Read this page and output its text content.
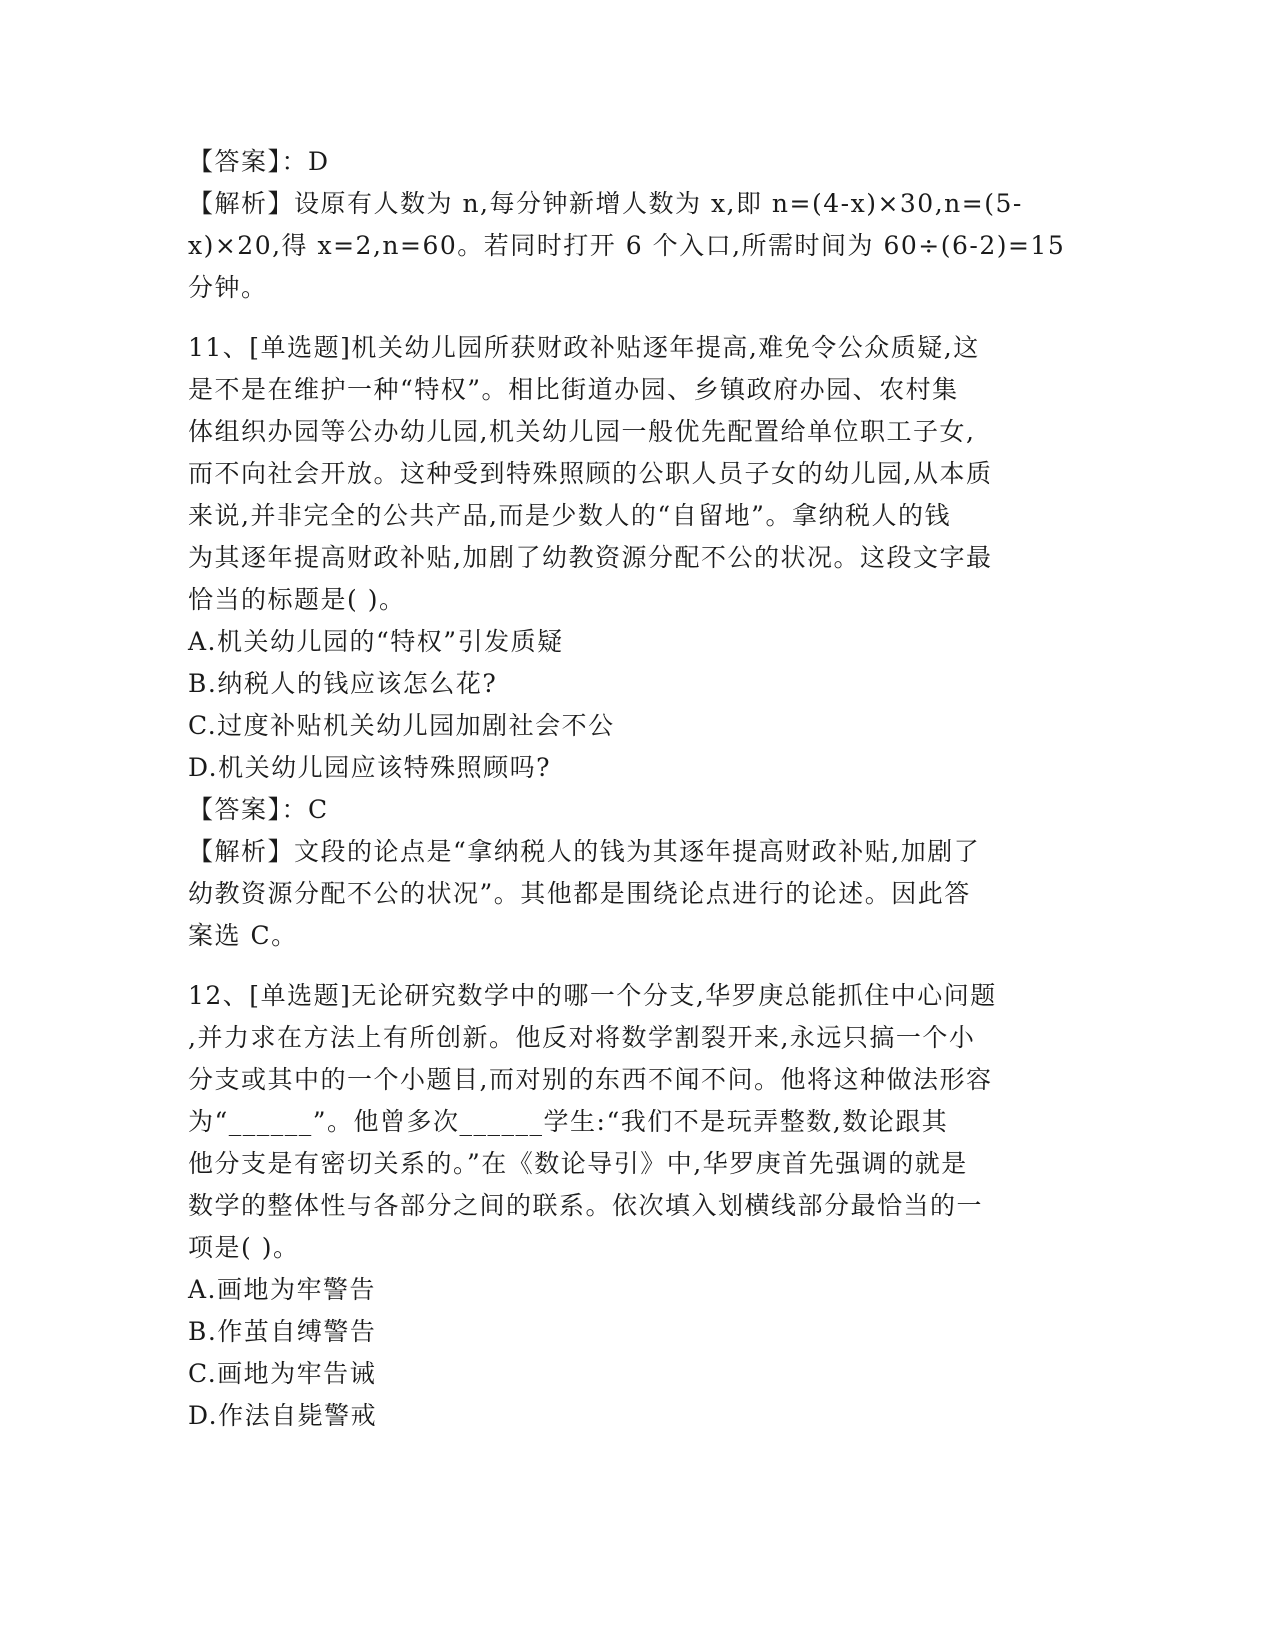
【答案】：D
【解析】设原有人数为 n,每分钟新增人数为 x,即 n=(4-x)×30,n=(5-
x)×20,得 x=2,n=60。若同时打开 6 个入口,所需时间为 60÷(6-2)=15
分钟。
11、[单选题]机关幼儿园所获财政补贴逐年提高,难免令公众质疑,这
是不是在维护一种“特权”。相比街道办园、乡镇政府办园、农村集
体组织办园等公办幼儿园,机关幼儿园一般优先配置给单位职工子女,
而不向社会开放。这种受到特殊照顾的公职人员子女的幼儿园,从本质
来说,并非完全的公共产品,而是少数人的“自留地”。拿纳税人的钱
为其逐年提高财政补贴,加剧了幼教资源分配不公的状况。这段文字最
恰当的标题是( )。
A.机关幼儿园的“特权”引发质疑
B.纳税人的钱应该怎么花?
C.过度补贴机关幼儿园加剧社会不公
D.机关幼儿园应该特殊照顾吗?
【答案】：C
【解析】文段的论点是“拿纳税人的钱为其逐年提高财政补贴,加剧了
幼教资源分配不公的状况”。其他都是围绕论点进行的论述。因此答
案选 C。
12、[单选题]无论研究数学中的哪一个分支,华罗庚总能抓住中心问题
,并力求在方法上有所创新。他反对将数学割裂开来,永远只搞一个小
分支或其中的一个小题目,而对别的东西不闻不问。他将这种做法形容
为“______”。他曾多次______学生:“我们不是玩弄整数,数论跟其
他分支是有密切关系的。”在《数论导引》中,华罗庚首先强调的就是
数学的整体性与各部分之间的联系。依次填入划横线部分最恰当的一
项是( )。
A.画地为牢警告
B.作茧自缚警告
C.画地为牢告诫
D.作法自毙警戒
